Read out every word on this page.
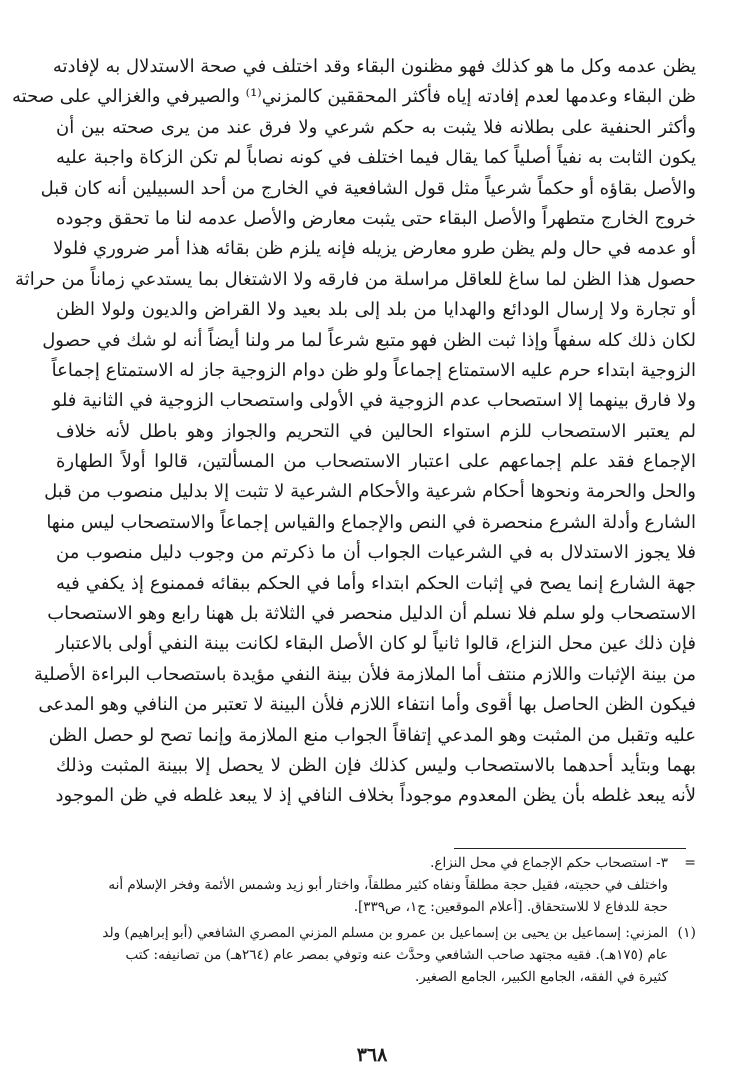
يظن عدمه وكل ما هو كذلك فهو مظنون البقاء وقد اختلف في صحة الاستدلال به لإفادته
ظن البقاء وعدمها لعدم إفادته إياه فأكثر المحققين كالمزني⁽¹⁾ والصيرفي والغزالي على صحته
وأكثر الحنفية على بطلانه فلا يثبت به حكم شرعي ولا فرق عند من يرى صحته بين أن
يكون الثابت به نفياً أصلياً كما يقال فيما اختلف في كونه نصاباً لم تكن الزكاة واجبة عليه
والأصل بقاؤه أو حكماً شرعياً مثل قول الشافعية في الخارج من أحد السبيلين أنه كان قبل
خروج الخارج متطهراً والأصل البقاء حتى يثبت معارض والأصل عدمه لنا ما تحقق وجوده
أو عدمه في حال ولم يظن طرو معارض يزيله فإنه يلزم ظن بقائه هذا أمر ضروري فلولا
حصول هذا الظن لما ساغ للعاقل مراسلة من فارقه ولا الاشتغال بما يستدعي زماناً من حراثة
أو تجارة ولا إرسال الودائع والهدايا من بلد إلى بلد بعيد ولا القراض والديون ولولا الظن
لكان ذلك كله سفهاً وإذا ثبت الظن فهو متبع شرعاً لما مر ولنا أيضاً أنه لو شك في حصول
الزوجية ابتداء حرم عليه الاستمتاع إجماعاً ولو ظن دوام الزوجية جاز له الاستمتاع إجماعاً
ولا فارق بينهما إلا استصحاب عدم الزوجية في الأولى واستصحاب الزوجية في الثانية فلو
لم يعتبر الاستصحاب للزم استواء الحالين في التحريم والجواز وهو باطل لأنه خلاف
الإجماع فقد علم إجماعهم على اعتبار الاستصحاب من المسألتين، قالوا أولاً الطهارة
والحل والحرمة ونحوها أحكام شرعية والأحكام الشرعية لا تثبت إلا بدليل منصوب من قبل
الشارع وأدلة الشرع منحصرة في النص والإجماع والقياس إجماعاً والاستصحاب ليس منها
فلا يجوز الاستدلال به في الشرعيات الجواب أن ما ذكرتم من وجوب دليل منصوب من
جهة الشارع إنما يصح في إثبات الحكم ابتداء وأما في الحكم ببقائه فممنوع إذ يكفي فيه
الاستصحاب ولو سلم فلا نسلم أن الدليل منحصر في الثلاثة بل ههنا رابع وهو الاستصحاب
فإن ذلك عين محل النزاع، قالوا ثانياً لو كان الأصل البقاء لكانت بينة النفي أولى بالاعتبار
من بينة الإثبات واللازم منتف أما الملازمة فلأن بينة النفي مؤيدة باستصحاب البراءة الأصلية
فيكون الظن الحاصل بها أقوى وأما انتفاء اللازم فلأن البينة لا تعتبر من النافي وهو المدعى
عليه وتقبل من المثبت وهو المدعي إتفاقاً الجواب منع الملازمة وإنما تصح لو حصل الظن
بهما وبتأيد أحدهما بالاستصحاب وليس كذلك فإن الظن لا يحصل إلا ببينة المثبت وذلك
لأنه يبعد غلطه بأن يظن المعدوم موجوداً بخلاف النافي إذ لا يبعد غلطه في ظن الموجود
=
٣- استصحاب حكم الإجماع في محل النزاع.
واختلف في حجيته، فقيل حجة مطلقاً ونفاه كثير مطلقاً، واختار أبو زيد وشمس الأئمة وفخر الإسلام أنه
حجة للدفاع لا للاستحقاق. [أعلام الموقعين: ج١، ص٣٣٩].
(١)
المزني: إسماعيل بن يحيى بن إسماعيل بن عمرو بن مسلم المزني المصري الشافعي (أبو إبراهيم) ولد
عام (١٧٥هـ). فقيه مجتهد صاحب الشافعي وحدَّث عنه وتوفي بمصر عام (٢٦٤هـ) من تصانيفه: كتب
كثيرة في الفقه، الجامع الكبير، الجامع الصغير.
٣٦٨
